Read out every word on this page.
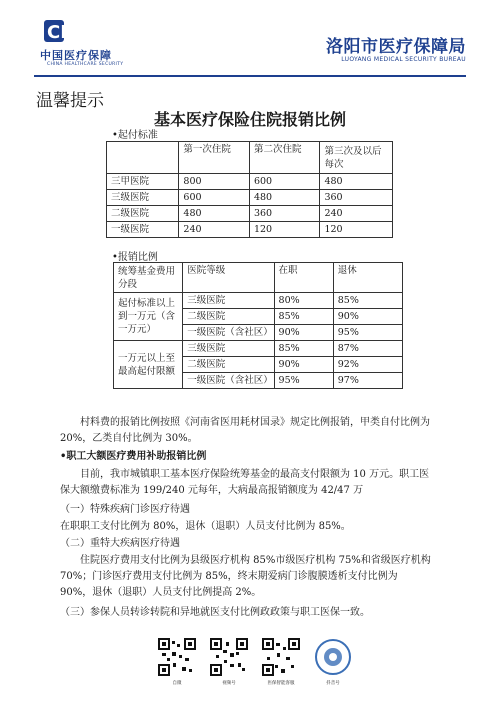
CHS
中国医疗保障
CHINA HEALTHCARE SECURITY
洛阳市医疗保障局
LUOYANG MEDICAL SECURITY BUREAU
温馨提示
基本医疗保险住院报销比例
•起付标准
	第一次住院	第二次住院	第三次及以后每次
三甲医院	800	600	480
三级医院	600	480	360
二级医院	480	360	240
一级医院	240	120	120
•报销比例
统筹基金费用分段	医院等级	在职	退休
起付标准以上到一万元（含一万元）	三级医院	80%	85%
	二级医院	85%	90%
	一级医院（含社区）	90%	95%
一万元以上至最高起付限额	三级医院	85%	87%
	二级医院	90%	92%
	一级医院（含社区）	95%	97%
村料费的报销比例按照《河南省医用耗材国录》规定比例报销，甲类自付比例为 20%，乙类自付比例为 30%。
•职工大额医疗费用补助报销比例
目前，我市城镇职工基本医疗保险统筹基金的最高支付限额为 10 万元。职工医保大额缴费标准为 199/240 元每年，大病最高报销额度为 42/47 万
（一）特殊疾病门诊医疗待遇
在职职工支付比例为 80%，退休（退职）人员支付比例为 85%。
（二）重特大疾病医疗待遇
住院医疗费用支付比例为县级医疗机构 85%市级医疗机构 75%和省级医疗机构 70%；门诊医疗费用支付比例为 85%，终末期爱病门诊腹膜透析支付比例为 90%，退休（退职）人员支付比例提高 2%。
（三）参保人员转诊转院和异地就医支付比例政政策与职工医保一致。
自微	视频号	医保智能客服	抖音号
